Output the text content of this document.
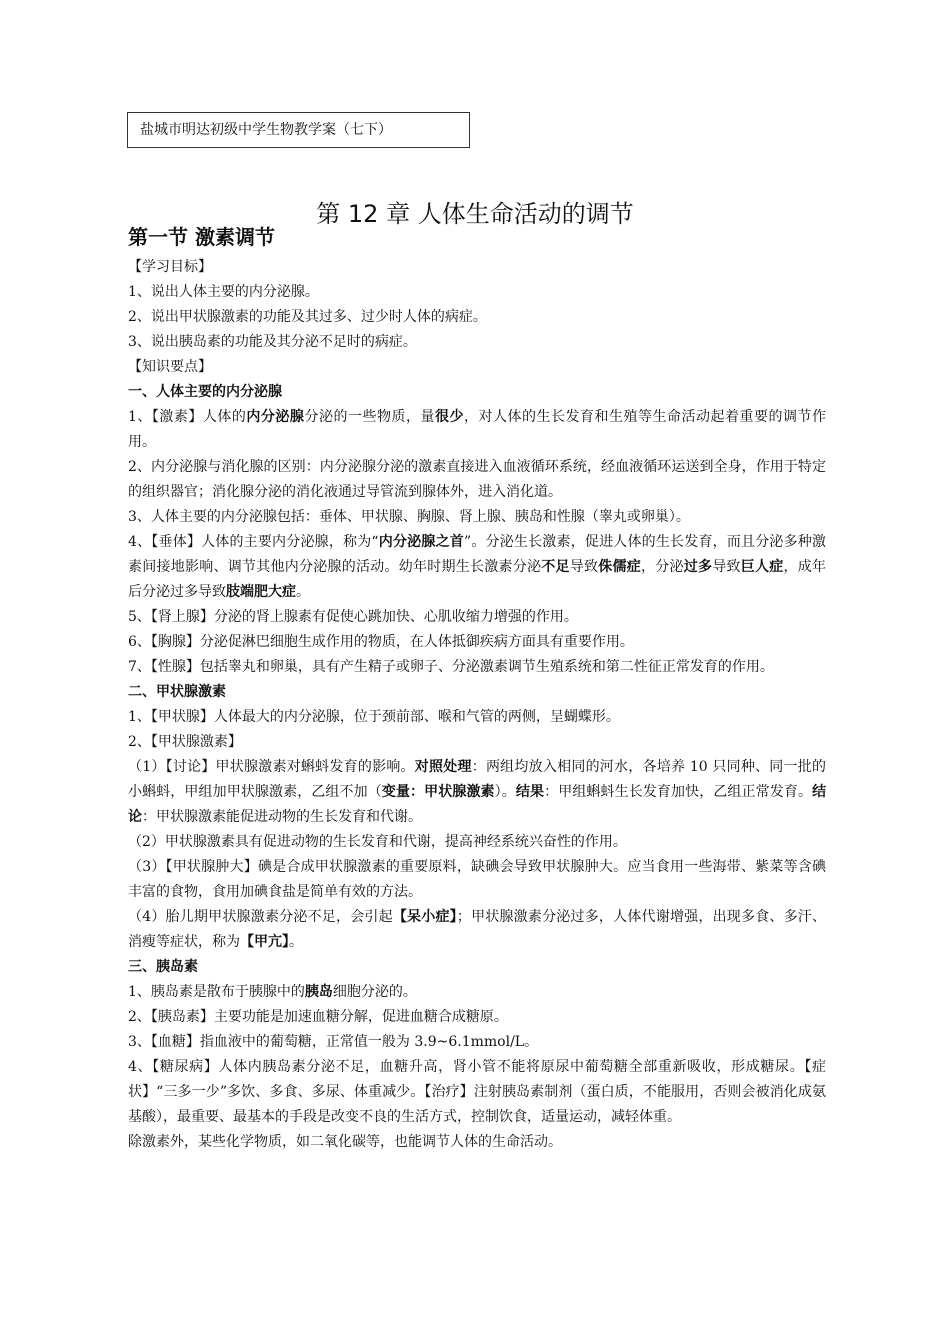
盐城市明达初级中学生物教学案（七下）
第 12 章 人体生命活动的调节
第一节 激素调节

【学习目标】

1、说出人体主要的内分泌腺。

2、说出甲状腺激素的功能及其过多、过少时人体的病症。

3、说出胰岛素的功能及其分泌不足时的病症。

【知识要点】

一、人体主要的内分泌腺

1、【激素】人体的内分泌腺分泌的一些物质，量很少，对人体的生长发育和生殖等生命活动起着重要的调节作用。

2、内分泌腺与消化腺的区别：内分泌腺分泌的激素直接进入血液循环系统，经血液循环运送到全身，作用于特定的组织器官；消化腺分泌的消化液通过导管流到腺体外，进入消化道。

3、人体主要的内分泌腺包括：垂体、甲状腺、胸腺、肾上腺、胰岛和性腺（睾丸或卵巢）。

4、【垂体】人体的主要内分泌腺，称为“内分泌腺之首”。分泌生长激素，促进人体的生长发育，而且分泌多种激素间接地影响、调节其他内分泌腺的活动。幼年时期生长激素分泌不足导致侏儒症，分泌过多导致巨人症，成年后分泌过多导致肢端肥大症。

5、【肾上腺】分泌的肾上腺素有促使心跳加快、心肌收缩力增强的作用。

6、【胸腺】分泌促淋巴细胞生成作用的物质，在人体抵御疾病方面具有重要作用。

7、【性腺】包括睾丸和卵巢，具有产生精子或卵子、分泌激素调节生殖系统和第二性征正常发育的作用。

二、甲状腺激素

1、【甲状腺】人体最大的内分泌腺，位于颈前部、喉和气管的两侧，呈蝴蝶形。

2、【甲状腺激素】

（1）【讨论】甲状腺激素对蝌蚪发育的影响。对照处理：两组均放入相同的河水，各培养 10 只同种、同一批的小蝌蚪，甲组加甲状腺激素，乙组不加（变量：甲状腺激素）。结果：甲组蝌蚪生长发育加快，乙组正常发育。结论：甲状腺激素能促进动物的生长发育和代谢。

（2）甲状腺激素具有促进动物的生长发育和代谢，提高神经系统兴奋性的作用。

（3）【甲状腺肿大】碘是合成甲状腺激素的重要原料，缺碘会导致甲状腺肿大。应当食用一些海带、紫菜等含碘丰富的食物，食用加碘食盐是简单有效的方法。

（4）胎儿期甲状腺激素分泌不足，会引起【呆小症】；甲状腺激素分泌过多，人体代谢增强，出现多食、多汗、消瘦等症状，称为【甲亢】。

三、胰岛素

1、胰岛素是散布于胰腺中的胰岛细胞分泌的。

2、【胰岛素】主要功能是加速血糖分解，促进血糖合成糖原。

3、【血糖】指血液中的葡萄糖，正常值一般为 3.9~6.1mmol/L。

4、【糖尿病】人体内胰岛素分泌不足，血糖升高，肾小管不能将原尿中葡萄糖全部重新吸收，形成糖尿。【症状】“三多一少”多饮、多食、多尿、体重减少。【治疗】注射胰岛素制剂（蛋白质，不能服用，否则会被消化成氨基酸），最重要、最基本的手段是改变不良的生活方式，控制饮食，适量运动，减轻体重。

除激素外，某些化学物质，如二氧化碳等，也能调节人体的生命活动。
